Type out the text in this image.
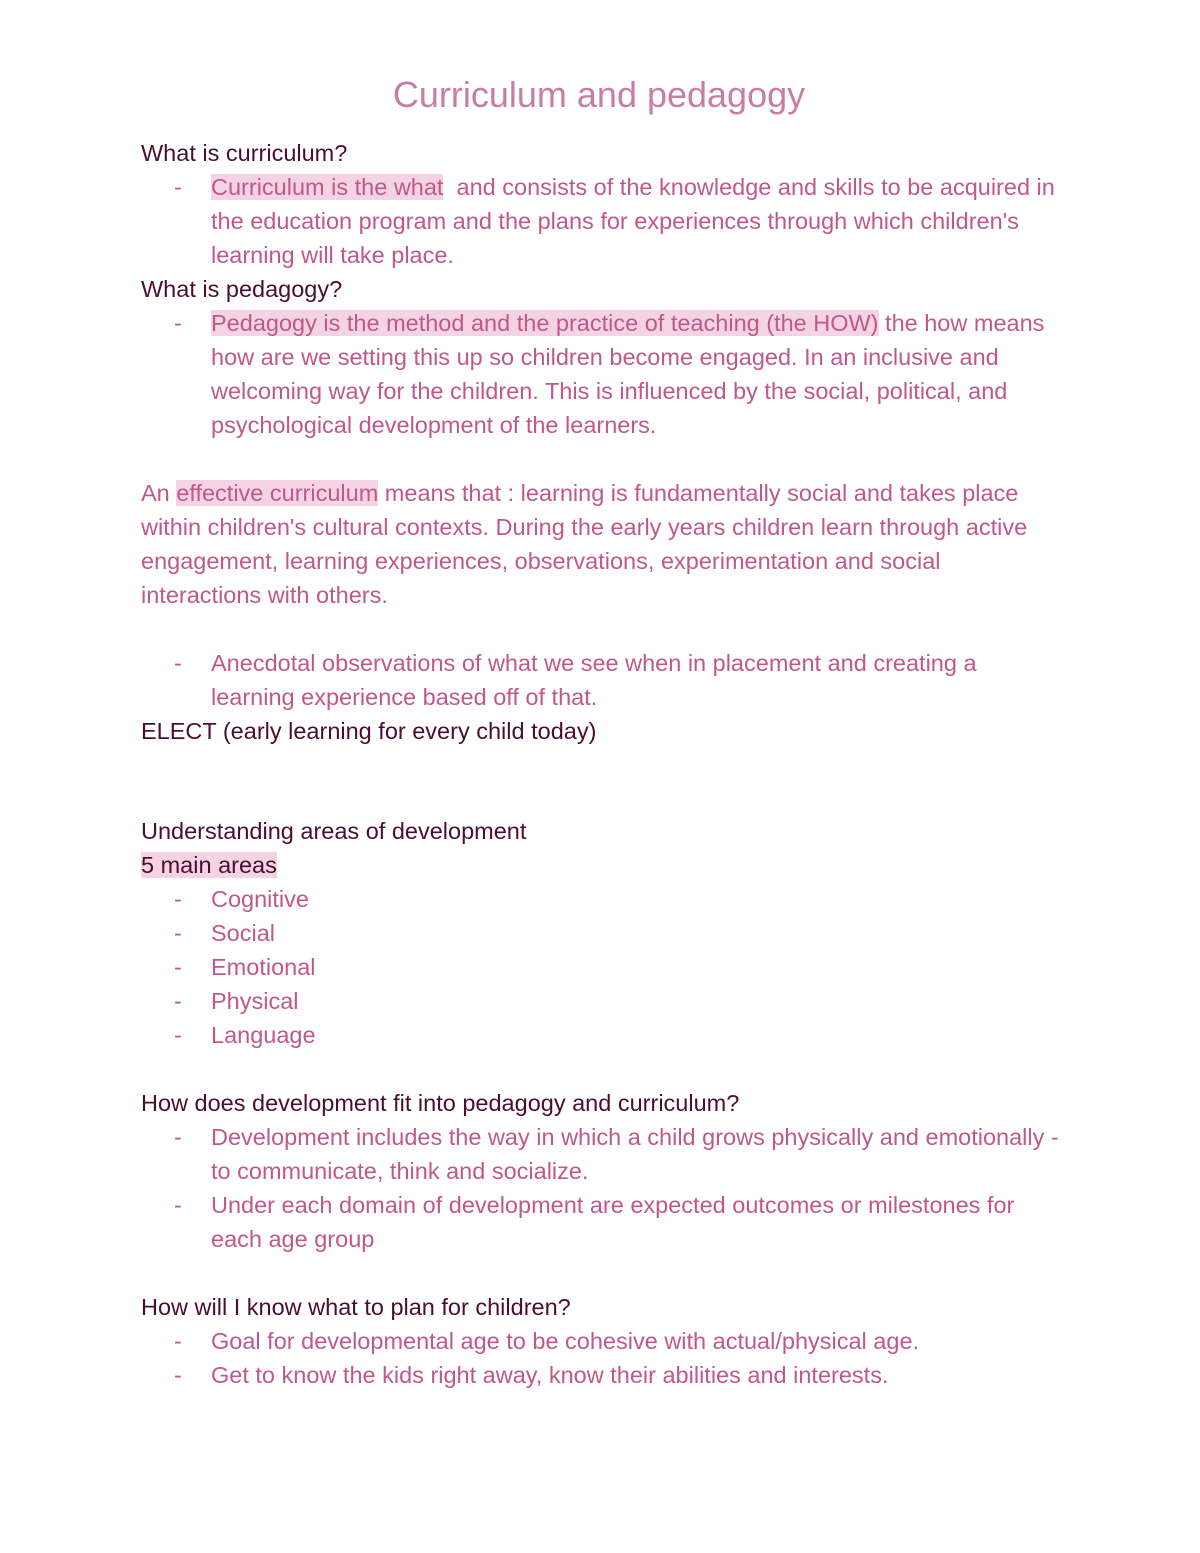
Curriculum and pedagogy

What is curriculum?

- Curriculum is the what  and consists of the knowledge and skills to be acquired in the education program and the plans for experiences through which children's learning will take place.

What is pedagogy?

- Pedagogy is the method and the practice of teaching (the HOW) the how means how are we setting this up so children become engaged. In an inclusive and welcoming way for the children. This is influenced by the social, political, and psychological development of the learners.

An effective curriculum means that : learning is fundamentally social and takes place within children's cultural contexts. During the early years children learn through active engagement, learning experiences, observations, experimentation and social interactions with others.

- Anecdotal observations of what we see when in placement and creating a learning experience based off of that.

ELECT (early learning for every child today)

Understanding areas of development

5 main areas

- Cognitive
- Social
- Emotional
- Physical
- Language

How does development fit into pedagogy and curriculum?

- Development includes the way in which a child grows physically and emotionally - to communicate, think and socialize.
- Under each domain of development are expected outcomes or milestones for each age group

How will I know what to plan for children?

- Goal for developmental age to be cohesive with actual/physical age.
- Get to know the kids right away, know their abilities and interests.
